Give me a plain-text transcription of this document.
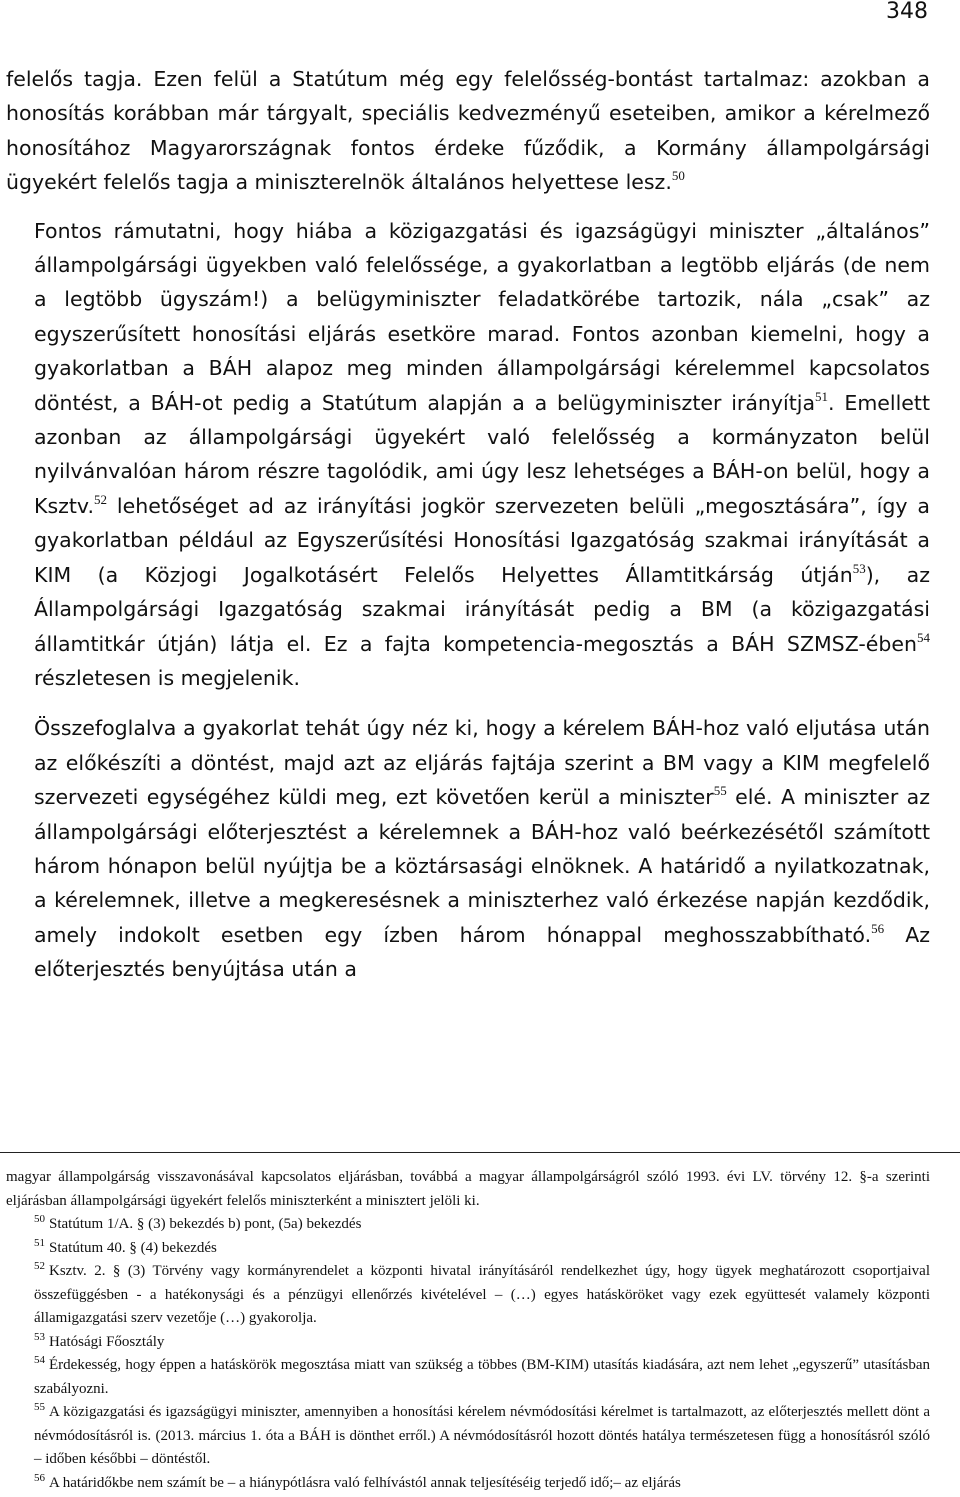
348

felelős tagja. Ezen felül a Statútum még egy felelősség-bontást tartalmaz: azokban a honosítás korábban már tárgyalt, speciális kedvezményű eseteiben, amikor a kérelmező honosítához Magyarországnak fontos érdeke fűződik, a Kormány állampolgársági ügyekért felelős tagja a miniszterelnök általános helyettese lesz.$^{50}$

Fontos rámutatni, hogy hiába a közigazgatási és igazságügyi miniszter „általános” állampolgársági ügyekben való felelőssége, a gyakorlatban a legtöbb eljárás (de nem a legtöbb ügyszám!) a belügyminiszter feladatkörébe tartozik, nála „csak” az egyszerűsített honosítási eljárás esetköre marad. Fontos azonban kiemelni, hogy a gyakorlatban a BÁH alapoz meg minden állampolgársági kérelemmel kapcsolatos döntést, a BÁH-ot pedig a Statútum alapján a a belügyminiszter irányítja$^{51}$. Emellett azonban az állampolgársági ügyekért való felelősség a kormányzaton belül nyilvánvalóan három részre tagolódik, ami úgy lesz lehetséges a BÁH-on belül, hogy a Ksztv.$^{52}$ lehetőséget ad az irányítási jogkör szervezeten belüli „megosztására”, így a gyakorlatban például az Egyszerűsítési Honosítási Igazgatóság szakmai irányítását a KIM (a Közjogi Jogalkotásért Felelős Helyettes Államtitkárság útján$^{53}$), az Állampolgársági Igazgatóság szakmai irányítását pedig a BM (a közigazgatási államtitkár útján) látja el. Ez a fajta kompetencia-megosztás a BÁH SZMSZ-ében$^{54}$ részletesen is megjelenik.

Összefoglalva a gyakorlat tehát úgy néz ki, hogy a kérelem BÁH-hoz való eljutása után az előkészíti a döntést, majd azt az eljárás fajtája szerint a BM vagy a KIM megfelelő szervezeti egységéhez küldi meg, ezt követően kerül a miniszter$^{55}$ elé. A miniszter az állampolgársági előterjesztést a kérelemnek a BÁH-hoz való beérkezésétől számított három hónapon belül nyújtja be a köztársasági elnöknek. A határidő a nyilatkozatnak, a kérelemnek, illetve a megkeresésnek a miniszterhez való érkezése napján kezdődik, amely indokolt esetben egy ízben három hónappal meghosszabbítható.$^{56}$ Az előterjesztés benyújtása után a

magyar állampolgárság visszavonásával kapcsolatos eljárásban, továbbá a magyar állampolgárságról szóló 1993. évi LV. törvény 12. §-a szerinti eljárásban állampolgársági ügyekért felelős miniszterként a minisztert jelöli ki.

$^{50}$ Statútum 1/A. § (3) bekezdés b) pont, (5a) bekezdés

$^{51}$ Statútum 40. § (4) bekezdés

$^{52}$ Ksztv. 2. § (3) Törvény vagy kormányrendelet a központi hivatal irányításáról rendelkezhet úgy, hogy ügyek meghatározott csoportjaival összefüggésben - a hatékonysági és a pénzügyi ellenőrzés kivételével – (…) egyes hatásköröket vagy ezek együttesét valamely központi államigazgatási szerv vezetője (…) gyakorolja.

$^{53}$ Hatósági Főosztály

$^{54}$ Érdekesség, hogy éppen a hatáskörök megosztása miatt van szükség a többes (BM-KIM) utasítás kiadására, azt nem lehet „egyszerű” utasításban szabályozni.

$^{55}$ A közigazgatási és igazságügyi miniszter, amennyiben a honosítási kérelem névmódosítási kérelmet is tartalmazott, az előterjesztés mellett dönt a névmódosításról is. (2013. március 1. óta a BÁH is dönthet erről.) A névmódosításról hozott döntés hatálya természetesen függ a honosításról szóló – időben későbbi – döntéstől.

$^{56}$ A határidőkbe nem számít be – a hiánypótlásra való felhívástól annak teljesítéséig terjedő idő;– az eljárás
